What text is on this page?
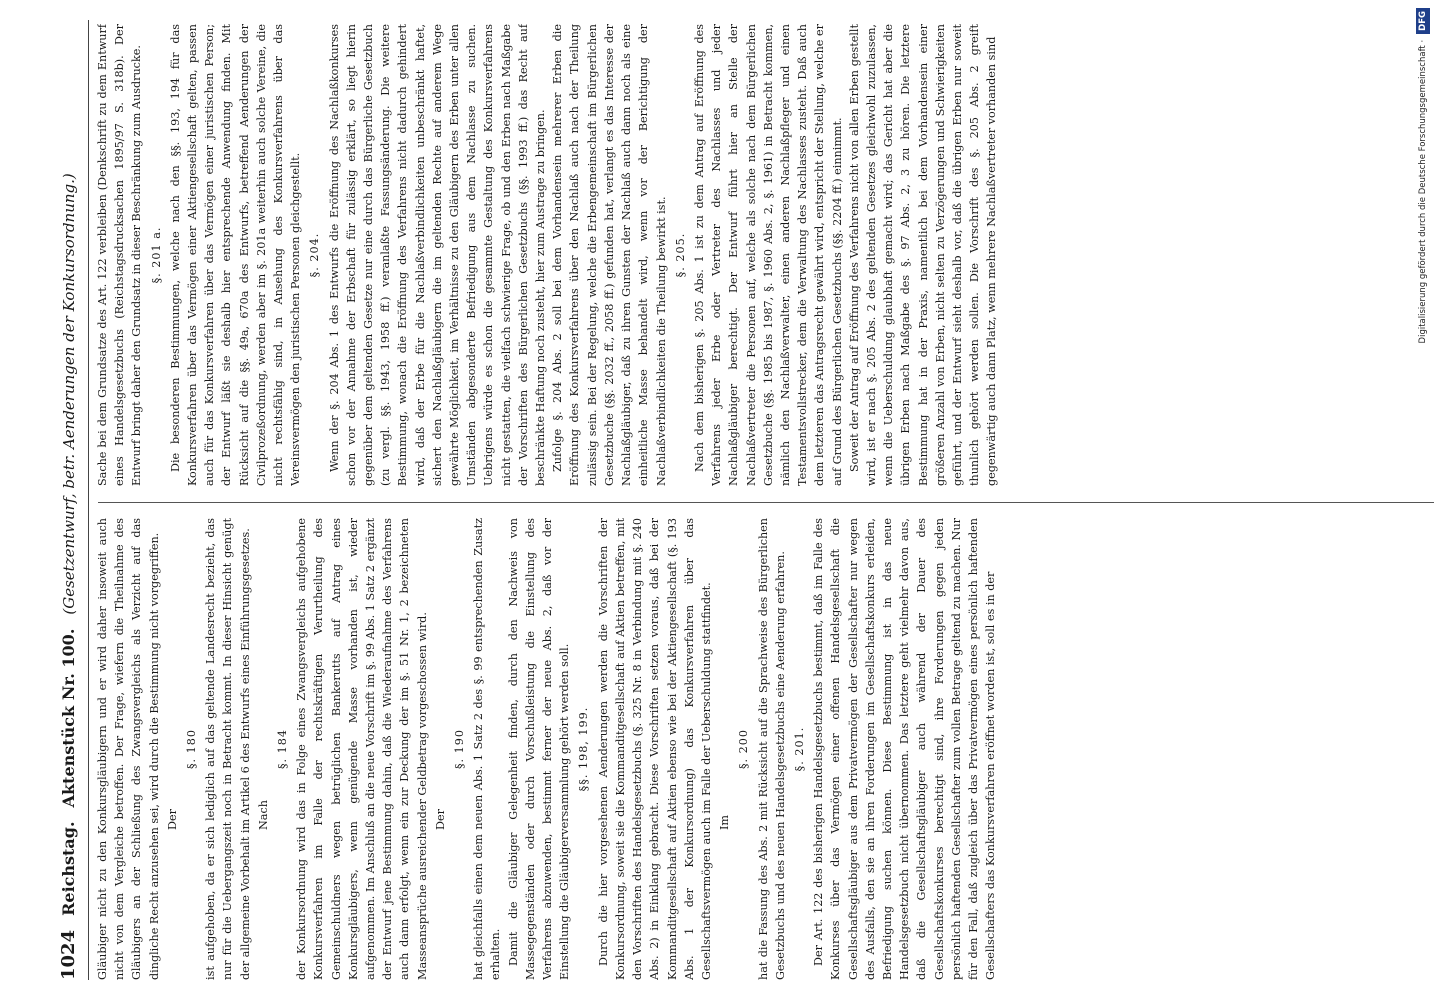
1024
Reichstag.
Aktenstück Nr. 100.
(Gesetzentwurf, betr. Aenderungen der Konkursordnung.)

Gläubiger nicht zu den Konkursgläubigern und er wird daher insoweit auch nicht von dem Vergleiche betroffen. Der Frage, wiefern die Theilnahme des Gläubigers an der Schließung des Zwangsvergleichs als Verzicht auf das dingliche Recht anzusehen sei, wird durch die Bestimmung nicht vorgegriffen. Der
§. 180 ist aufgehoben, da er sich lediglich auf das geltende Landesrecht bezieht, das nur für die Uebergangszeit noch in Betracht kommt. In dieser Hinsicht genügt der allgemeine Vorbehalt im Artikel 6 des Entwurfs eines Einführungsgesetzes. Nach
§. 184 der Konkursordnung wird das in Folge eines Zwangsvergleichs aufgehobene Konkursverfahren im Falle der rechtskräftigen Verurtheilung des Gemeinschuldners wegen betrüglichen Bankerutts auf Antrag eines Konkursgläubigers, wenn genügende Masse vorhanden ist, wieder aufgenommen. Im Anschluß an die neue Vorschrift im §. 99 Abs. 1 Satz 2 ergänzt der Entwurf jene Bestimmung dahin, daß die Wiederaufnahme des Verfahrens auch dann erfolgt, wenn ein zur Deckung der im §. 51 Nr. 1, 2 bezeichneten Masseansprüche ausreichender Geldbetrag vorgeschossen wird. Der
§. 190 hat gleichfalls einen dem neuen Abs. 1 Satz 2 des §. 99 entsprechenden Zusatz erhalten. Damit die Gläubiger Gelegenheit finden, durch den Nachweis von Massegegenständen oder durch Vorschußleistung die Einstellung des Verfahrens abzuwenden, bestimmt ferner der neue Abs. 2, daß vor der Einstellung die Gläubigerversammlung gehört werden soll. §§. 198, 199. Durch die hier vorgesehenen Aenderungen werden die Vorschriften der Konkursordnung, soweit sie die Kommanditgesellschaft auf Aktien betreffen, mit den Vorschriften des Handelsgesetzbuchs (§. 325 Nr. 8 in Verbindung mit §. 240 Abs. 2) in Einklang gebracht. Diese Vorschriften setzen voraus, daß bei der Kommanditgesellschaft auf Aktien ebenso wie bei der Aktiengesellschaft (§. 193 Abs. 1 der Konkursordnung) das Konkursverfahren über das Gesellschaftsvermögen auch im Falle der Ueberschuldung stattfindet. Im
§. 200 hat die Fassung des Abs. 2 mit Rücksicht auf die Sprachweise des Bürgerlichen Gesetzbuchs und des neuen Handelsgesetzbuchs eine Aenderung erfahren. §. 201. Der Art. 122 des bisherigen Handelsgesetzbuchs bestimmt, daß im Falle des Konkurses über das Vermögen einer offenen Handelsgesellschaft die Gesellschaftsgläubiger aus dem Privatvermögen der Gesellschafter nur wegen des Ausfalls, den sie an ihren Forderungen im Gesellschaftskonkurs erleiden, Befriedigung suchen können. Diese Bestimmung ist in das neue Handelsgesetzbuch nicht übernommen. Das letztere geht vielmehr davon aus, daß die Gesellschaftsgläubiger auch während der Dauer des Gesellschaftskonkurses berechtigt sind, ihre Forderungen gegen jeden persönlich haftenden Gesellschafter zum vollen Betrage geltend zu machen. Nur für den Fall, daß zugleich über das Privatvermögen eines persönlich haftenden Gesellschafters das Konkursverfahren eröffnet worden ist, soll es in der

Sache bei dem Grundsatze des Art. 122 verbleiben (Denkschrift zu dem Entwurf eines Handelsgesetzbuchs (Reichstagsdrucksachen 1895/97 S. 318b). Der Entwurf bringt daher den Grundsatz in dieser Beschränkung zum Ausdrucke. §. 201 a. Die besonderen Bestimmungen, welche nach den §§. 193, 194 für das Konkursverfahren über das Vermögen einer Aktiengesellschaft gelten, passen auch für das Konkursverfahren über das Vermögen einer juristischen Person; der Entwurf läßt sie deshalb hier entsprechende Anwendung finden. Mit Rücksicht auf die §§. 49a, 670a des Entwurfs, betreffend Aenderungen der Civilprozeßordnung, werden aber im §. 201a weiterhin auch solche Vereine, die nicht rechtsfähig sind, in Ansehung des Konkursverfahrens über das Vereinsvermögen den juristischen Personen gleichgestellt. §. 204. Wenn der §. 204 Abs. 1 des Entwurfs die Eröffnung des Nachlaßkonkurses schon vor der Annahme der Erbschaft für zulässig erklärt, so liegt hierin gegenüber dem geltenden Gesetze nur eine durch das Bürgerliche Gesetzbuch (zu vergl. §§. 1943, 1958 ff.) veranlaßte Fassungsänderung. Die weitere Bestimmung, wonach die Eröffnung des Verfahrens nicht dadurch gehindert wird, daß der Erbe für die Nachlaßverbindlichkeiten unbeschränkt haftet, sichert den Nachlaßgläubigern die im geltenden Rechte auf anderem Wege gewährte Möglichkeit, im Verhältnisse zu den Gläubigern des Erben unter allen Umständen abgesonderte Befriedigung aus dem Nachlasse zu suchen. Uebrigens würde es schon die gesammte Gestaltung des Konkursverfahrens nicht gestatten, die vielfach schwierige Frage, ob und den Erben nach Maßgabe der Vorschriften des Bürgerlichen Gesetzbuchs (§§. 1993 ff.) das Recht auf beschränkte Haftung noch zusteht, hier zum Austrage zu bringen. Zufolge §. 204 Abs. 2 soll bei dem Vorhandensein mehrerer Erben die Eröffnung des Konkursverfahrens über den Nachlaß auch nach der Theilung zulässig sein. Bei der Regelung, welche die Erbengemeinschaft im Bürgerlichen Gesetzbuche (§§. 2032 ff., 2058 ff.) gefunden hat, verlangt es das Interesse der Nachlaßgläubiger, daß zu ihren Gunsten der Nachlaß auch dann noch als eine einheitliche Masse behandelt wird, wenn vor der Berichtigung der Nachlaßverbindlichkeiten die Theilung bewirkt ist. §. 205. Nach dem bisherigen §. 205 Abs. 1 ist zu dem Antrag auf Eröffnung des Verfahrens jeder Erbe oder Vertreter des Nachlasses und jeder Nachlaßgläubiger berechtigt. Der Entwurf führt hier an Stelle der Nachlaßvertreter die Personen auf, welche als solche nach dem Bürgerlichen Gesetzbuche (§§. 1985 bis 1987, §. 1960 Abs. 2, §. 1961) in Betracht kommen, nämlich den Nachlaßverwalter, einen anderen Nachlaßpfleger und einen Testamentsvollstrecker, dem die Verwaltung des Nachlasses zusteht. Daß auch dem letzteren das Antragsrecht gewährt wird, entspricht der Stellung, welche er auf Grund des Bürgerlichen Gesetzbuchs (§§. 2204 ff.) einnimmt. Soweit der Antrag auf Eröffnung des Verfahrens nicht von allen Erben gestellt wird, ist er nach §. 205 Abs. 2 des geltenden Gesetzes gleichwohl zuzulassen, wenn die Ueberschuldung glaubhaft gemacht wird; das Gericht hat aber die übrigen Erben nach Maßgabe des §. 97 Abs. 2, 3 zu hören. Die letztere Bestimmung hat in der Praxis, namentlich bei dem Vorhandensein einer größeren Anzahl von Erben, nicht selten zu Verzögerungen und Schwierigkeiten geführt, und der Entwurf sieht deshalb vor, daß die übrigen Erben nur soweit thunlich gehört werden sollen. Die Vorschrift des §. 205 Abs. 2 greift gegenwärtig auch dann Platz, wenn mehrere Nachlaßvertreter vorhanden sind	Digitalisierung gefördert durch die Deutsche Forschungsgemeinschaft ·DFG
